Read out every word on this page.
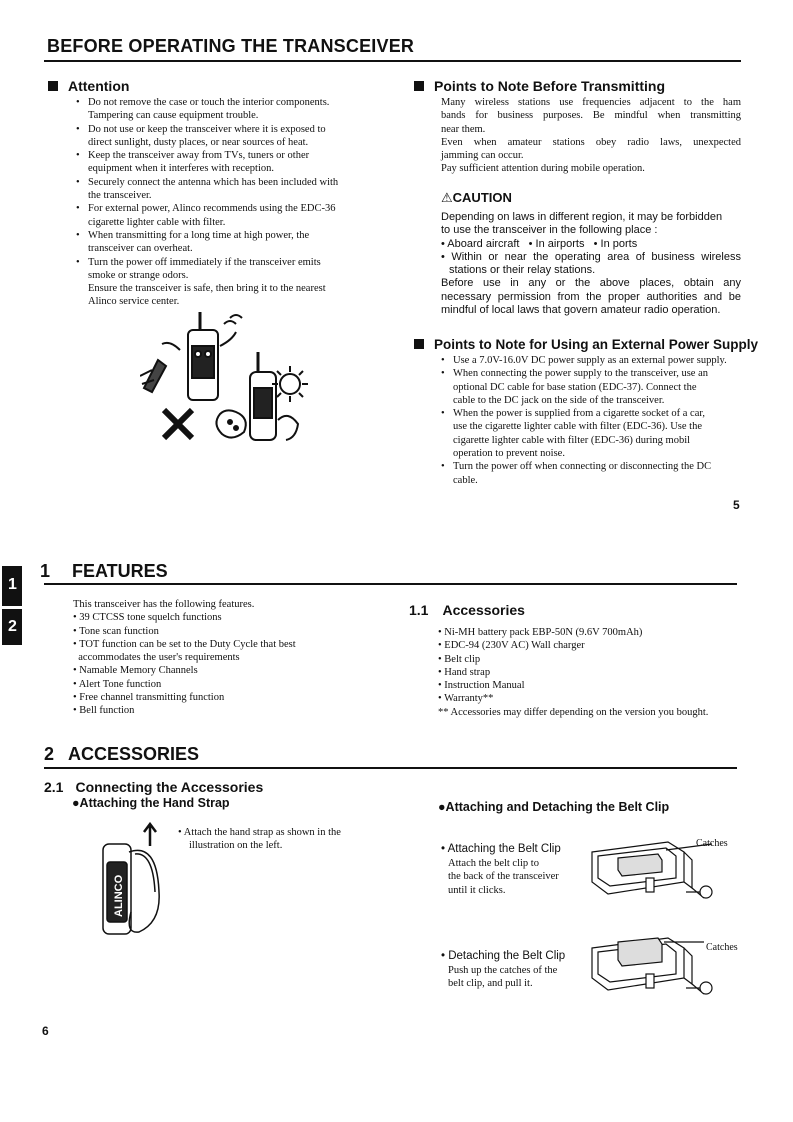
BEFORE OPERATING THE TRANSCEIVER
Attention
• Do not remove the case or touch the interior components.
Tampering can cause equipment trouble.
• Do not use or keep the transceiver where it is exposed to
direct sunlight, dusty places, or near sources of heat.
• Keep the transceiver away from TVs, tuners or other
equipment when it interferes with reception.
• Securely connect the antenna which has been included with
the transceiver.
• For external power, Alinco recommends using the EDC-36
cigarette lighter cable with filter.
• When transmitting for a long time at high power, the
transceiver can overheat.
• Turn the power off immediately if the transceiver emits
smoke or strange odors.
Ensure the transceiver is safe, then bring it to the nearest
Alinco service center.
Points to Note Before Transmitting
Many wireless stations use frequencies adjacent to the ham
bands for business purposes. Be mindful when transmitting
near them.
Even when amateur stations obey radio laws, unexpected
jamming can occur.
Pay sufficient attention during mobile operation.
⚠CAUTION
Depending on laws in different region, it may be forbidden
to use the transceiver in the following place :
• Aboard aircraft • In airports • In ports
• Within or near the operating area of business wireless
stations or their relay stations.
Before use in any or the above places, obtain any
necessary permission from the proper authorities and be
mindful of local laws that govern amateur radio operation.
Points to Note for Using an External Power Supply
• Use a 7.0V-16.0V DC power supply as an external power supply.
• When connecting the power supply to the transceiver, use an
optional DC cable for base station (EDC-37). Connect the
cable to the DC jack on the side of the transceiver.
• When the power is supplied from a cigarette socket of a car,
use the cigarette lighter cable with filter (EDC-36). Use the
cigarette lighter cable with filter (EDC-36) during mobil
operation to prevent noise.
• Turn the power off when connecting or disconnecting the DC
cable.
5
1
2
1 FEATURES
This transceiver has the following features.
• 39 CTCSS tone squelch functions
• Tone scan function
• TOT function can be set to the Duty Cycle that best
accommodates the user's requirements
• Namable Memory Channels
• Alert Tone function
• Free channel transmitting function
• Bell function
1.1 Accessories
• Ni-MH battery pack EBP-50N (9.6V 700mAh)
• EDC-94 (230V AC) Wall charger
• Belt clip
• Hand strap
• Instruction Manual
• Warranty**
** Accessories may differ depending on the version you bought.
2 ACCESSORIES
2.1 Connecting the Accessories
●Attaching the Hand Strap
ALINCO
• Attach the hand strap as shown in the
illustration on the left.
●Attaching and Detaching the Belt Clip
• Attaching the Belt Clip
Attach the belt clip to
the back of the transceiver
until it clicks.
Catches
• Detaching the Belt Clip
Push up the catches of the
belt clip, and pull it.
Catches
6
